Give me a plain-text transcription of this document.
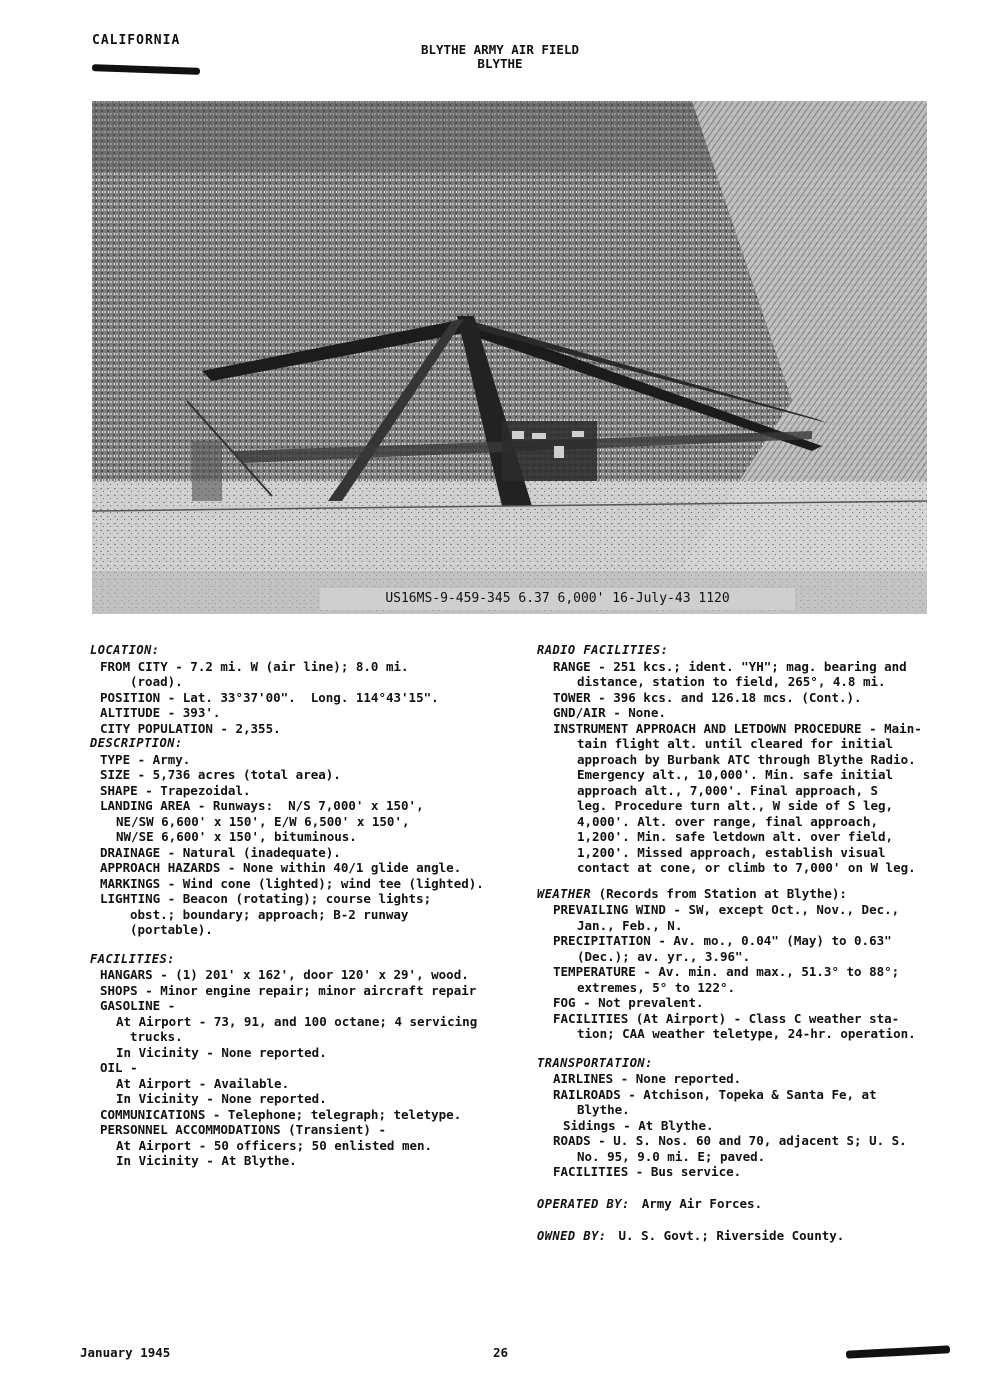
CALIFORNIA
BLYTHE ARMY AIR FIELD
BLYTHE
US16MS-9-459-345 6.37 6,000' 16-July-43 1120
LOCATION:
FROM CITY - 7.2 mi. W (air line); 8.0 mi.
(road).
POSITION - Lat. 33°37'00".  Long. 114°43'15".
ALTITUDE - 393'.
CITY POPULATION - 2,355.
DESCRIPTION:
TYPE - Army.
SIZE - 5,736 acres (total area).
SHAPE - Trapezoidal.
LANDING AREA - Runways:  N/S 7,000' x 150',
NE/SW 6,600' x 150', E/W 6,500' x 150',
NW/SE 6,600' x 150', bituminous.
DRAINAGE - Natural (inadequate).
APPROACH HAZARDS - None within 40/1 glide angle.
MARKINGS - Wind cone (lighted); wind tee (lighted).
LIGHTING - Beacon (rotating); course lights;
obst.; boundary; approach; B-2 runway
(portable).
FACILITIES:
HANGARS - (1) 201' x 162', door 120' x 29', wood.
SHOPS - Minor engine repair; minor aircraft repair
GASOLINE -
At Airport - 73, 91, and 100 octane; 4 servicing
trucks.
In Vicinity - None reported.
OIL -
At Airport - Available.
In Vicinity - None reported.
COMMUNICATIONS - Telephone; telegraph; teletype.
PERSONNEL ACCOMMODATIONS (Transient) -
At Airport - 50 officers; 50 enlisted men.
In Vicinity - At Blythe.
RADIO FACILITIES:
RANGE - 251 kcs.; ident. "YH"; mag. bearing and
distance, station to field, 265°, 4.8 mi.
TOWER - 396 kcs. and 126.18 mcs. (Cont.).
GND/AIR - None.
INSTRUMENT APPROACH AND LETDOWN PROCEDURE - Main-
tain flight alt. until cleared for initial
approach by Burbank ATC through Blythe Radio.
Emergency alt., 10,000'. Min. safe initial
approach alt., 7,000'. Final approach, S
leg. Procedure turn alt., W side of S leg,
4,000'. Alt. over range, final approach,
1,200'. Min. safe letdown alt. over field,
1,200'. Missed approach, establish visual
contact at cone, or climb to 7,000' on W leg.
WEATHER (Records from Station at Blythe):
PREVAILING WIND - SW, except Oct., Nov., Dec.,
Jan., Feb., N.
PRECIPITATION - Av. mo., 0.04" (May) to 0.63"
(Dec.); av. yr., 3.96".
TEMPERATURE - Av. min. and max., 51.3° to 88°;
extremes, 5° to 122°.
FOG - Not prevalent.
FACILITIES (At Airport) - Class C weather sta-
tion; CAA weather teletype, 24-hr. operation.
TRANSPORTATION:
AIRLINES - None reported.
RAILROADS - Atchison, Topeka & Santa Fe, at
Blythe.
Sidings - At Blythe.
ROADS - U. S. Nos. 60 and 70, adjacent S; U. S.
No. 95, 9.0 mi. E; paved.
FACILITIES - Bus service.
OPERATED BY: Army Air Forces.
OWNED BY: U. S. Govt.; Riverside County.
January 1945	26
